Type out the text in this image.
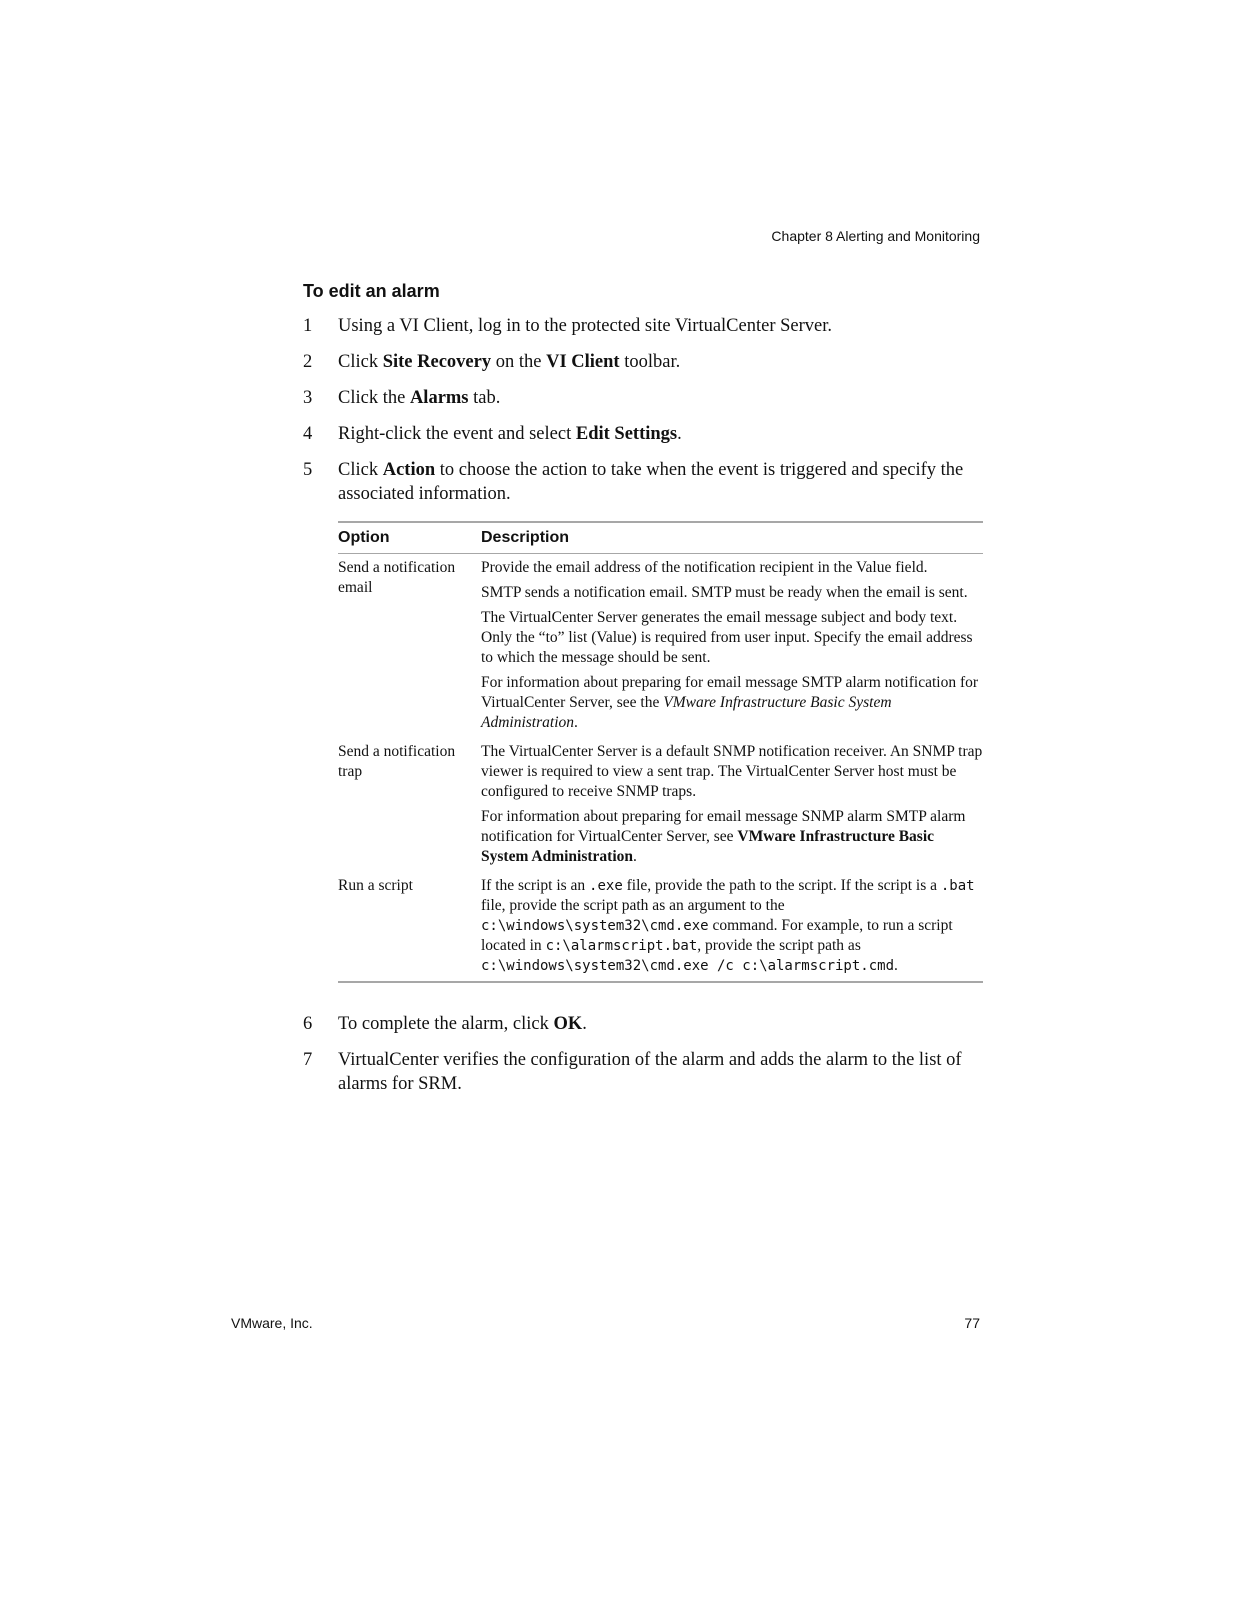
Chapter 8 Alerting and Monitoring
To edit an alarm
1 Using a VI Client, log in to the protected site VirtualCenter Server.
2 Click Site Recovery on the VI Client toolbar.
3 Click the Alarms tab.
4 Right-click the event and select Edit Settings.
5 Click Action to choose the action to take when the event is triggered and specify the associated information.
Option	Description
Send a notification email	Provide the email address of the notification recipient in the Value field.

SMTP sends a notification email. SMTP must be ready when the email is sent.

The VirtualCenter Server generates the email message subject and body text. Only the “to” list (Value) is required from user input. Specify the email address to which the message should be sent.

For information about preparing for email message SMTP alarm notification for VirtualCenter Server, see the VMware Infrastructure Basic System Administration.

Send a notification trap	The VirtualCenter Server is a default SNMP notification receiver. An SNMP trap viewer is required to view a sent trap. The VirtualCenter Server host must be configured to receive SNMP traps.

For information about preparing for email message SNMP alarm SMTP alarm notification for VirtualCenter Server, see VMware Infrastructure Basic System Administration.

Run a script	If the script is an .exe file, provide the path to the script. If the script is a .bat file, provide the script path as an argument to the c:\windows\system32\cmd.exe command. For example, to run a script located in c:\alarmscript.bat, provide the script path as c:\windows\system32\cmd.exe /c c:\alarmscript.cmd.

6 To complete the alarm, click OK.
7 VirtualCenter verifies the configuration of the alarm and adds the alarm to the list of alarms for SRM.
VMware, Inc.	77
